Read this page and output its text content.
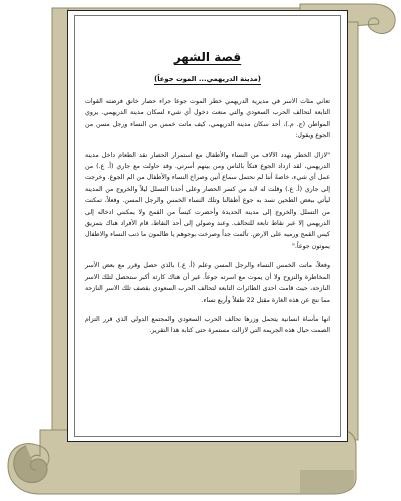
قصة الشهر
(مدينة الدريهمي... الموت جوعاً)

تعاني مئات الاسر في مديرية الدريهمي خطر الموت جوعا جراء حصار خانق فرضته القوات التابعة لتحالف الحرب السعودي والتي منعت دخول أي شيء لسكان مدينة الدريهمي. يروي المواطن (ج. م.)، أحد سكان مدينة الدريهمي، كيف ماتت خمس من النساء ورجل مسن من الجوع ويقول:

"لازال الخطر يهدد الآلاف من النساء والأطفال مع استمرار الحصار نقد الطعام داخل مدينة الدريهمي، لقد ازداد الجوع فتكاً بالناس ومن بينهم أسرتي. وقد حاولت مع جاري (أ. ع.) من عمل أي شيء، خاصةً أننا لم نحتمل سماع أنين وصراخ النساء والأطفال من الم الجوع. وخرجت إلى جاري (أ. ع.) وقلت له لابد من كسر الحصار وعلى أحدنا التسلل ليلاً والخروج من المدينة ليأتي ببعض الطحين نسد به جوع أطفالنا وتلك النساء الخمس والرجل المسن. وفعلاً، تمكنت من التسلل والخروج إلى مدينة الحديدة وأحضرت كيساً من القمح ولا يمكنني ادخاله إلى الدريهمي إلا عبر نقاط تابعة للتحالف. وعند وصولي إلى أحد النقاط، قام الأفراد هناك بتمزيق كيس القمح ورميه على الارض. تألمت جداً وصرخت بوجوهم يا ظالمون ما ذنب النساء والاطفال يموتون جوعاً."

وفعلاً، ماتت الخمس النساء والرجل المسن وعلم (أ. ع.) بالذي حصل وقرر مع بعض الأسر المخاطرة والنزوح ولا أن يموت مع اسرته جوعاً. غير أن هناك كارثة أكبر ستحصل لتلك الاسر النازحة، حيث قامت احدى الطائرات التابعة لتحالف الحرب السعودي بقصف تلك الاسر النازحة مما نتج عن هذه الغارة مقتل 22 طفلاً وأربع نساء.

انها مأساة انسانية يتحمل وزرها تحالف الحرب السعودي والمجتمع الدولي الذي قرر التزام الصمت حيال هذه الجريمة التي لازالت مستمرة حتى كتابة هذا التقرير.
